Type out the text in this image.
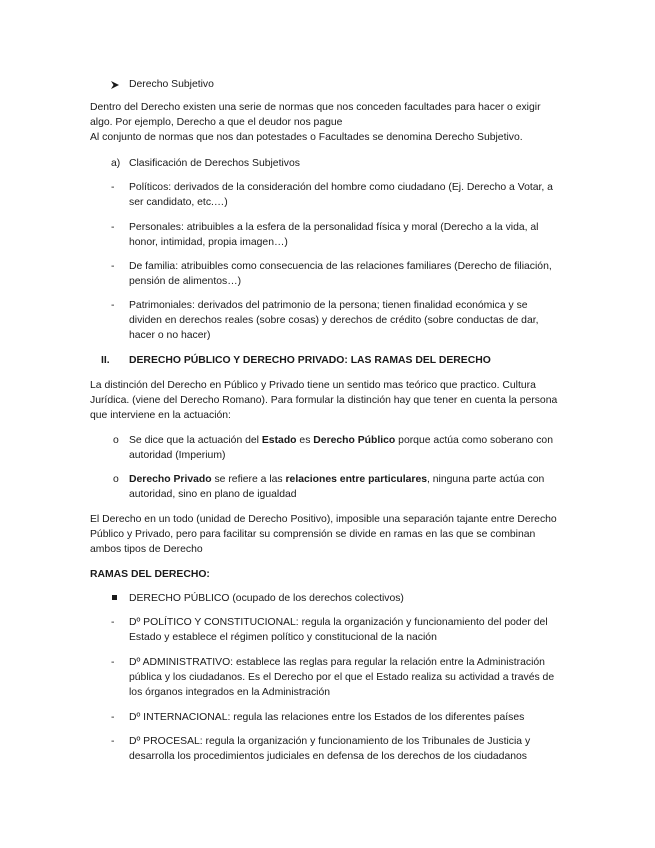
Derecho Subjetivo
Dentro del Derecho existen una serie de normas que nos conceden facultades para hacer o exigir algo. Por ejemplo, Derecho a que el deudor nos pague
Al conjunto de normas que nos dan potestades o Facultades se denomina Derecho Subjetivo.
a) Clasificación de Derechos Subjetivos
- Políticos: derivados de la consideración del hombre como ciudadano (Ej. Derecho a Votar, a ser candidato, etc.…)
- Personales: atribuibles a la esfera de la personalidad física y moral (Derecho a la vida, al honor, intimidad, propia imagen…)
- De familia: atribuibles como consecuencia de las relaciones familiares (Derecho de filiación, pensión de alimentos…)
- Patrimoniales: derivados del patrimonio de la persona; tienen finalidad económica y se dividen en derechos reales (sobre cosas) y derechos de crédito (sobre conductas de dar, hacer o no hacer)
II. DERECHO PÚBLICO Y DERECHO PRIVADO: LAS RAMAS DEL DERECHO
La distinción del Derecho en Público y Privado tiene un sentido mas teórico que practico. Cultura Jurídica. (viene del Derecho Romano). Para formular la distinción hay que tener en cuenta la persona que interviene en la actuación:
o Se dice que la actuación del Estado es Derecho Público porque actúa como soberano con autoridad (Imperium)
o Derecho Privado se refiere a las relaciones entre particulares, ninguna parte actúa con autoridad, sino en plano de igualdad
El Derecho en un todo (unidad de Derecho Positivo), imposible una separación tajante entre Derecho Público y Privado, pero para facilitar su comprensión se divide en ramas en las que se combinan ambos tipos de Derecho
RAMAS DEL DERECHO:
DERECHO PÚBLICO (ocupado de los derechos colectivos)
- Dº POLÍTICO Y CONSTITUCIONAL: regula la organización y funcionamiento del poder del Estado y establece el régimen político y constitucional de la nación
- Dº ADMINISTRATIVO: establece las reglas para regular la relación entre la Administración pública y los ciudadanos. Es el Derecho por el que el Estado realiza su actividad a través de los órganos integrados en la Administración
- Dº INTERNACIONAL: regula las relaciones entre los Estados de los diferentes países
- Dº PROCESAL: regula la organización y funcionamiento de los Tribunales de Justicia y desarrolla los procedimientos judiciales en defensa de los derechos de los ciudadanos
